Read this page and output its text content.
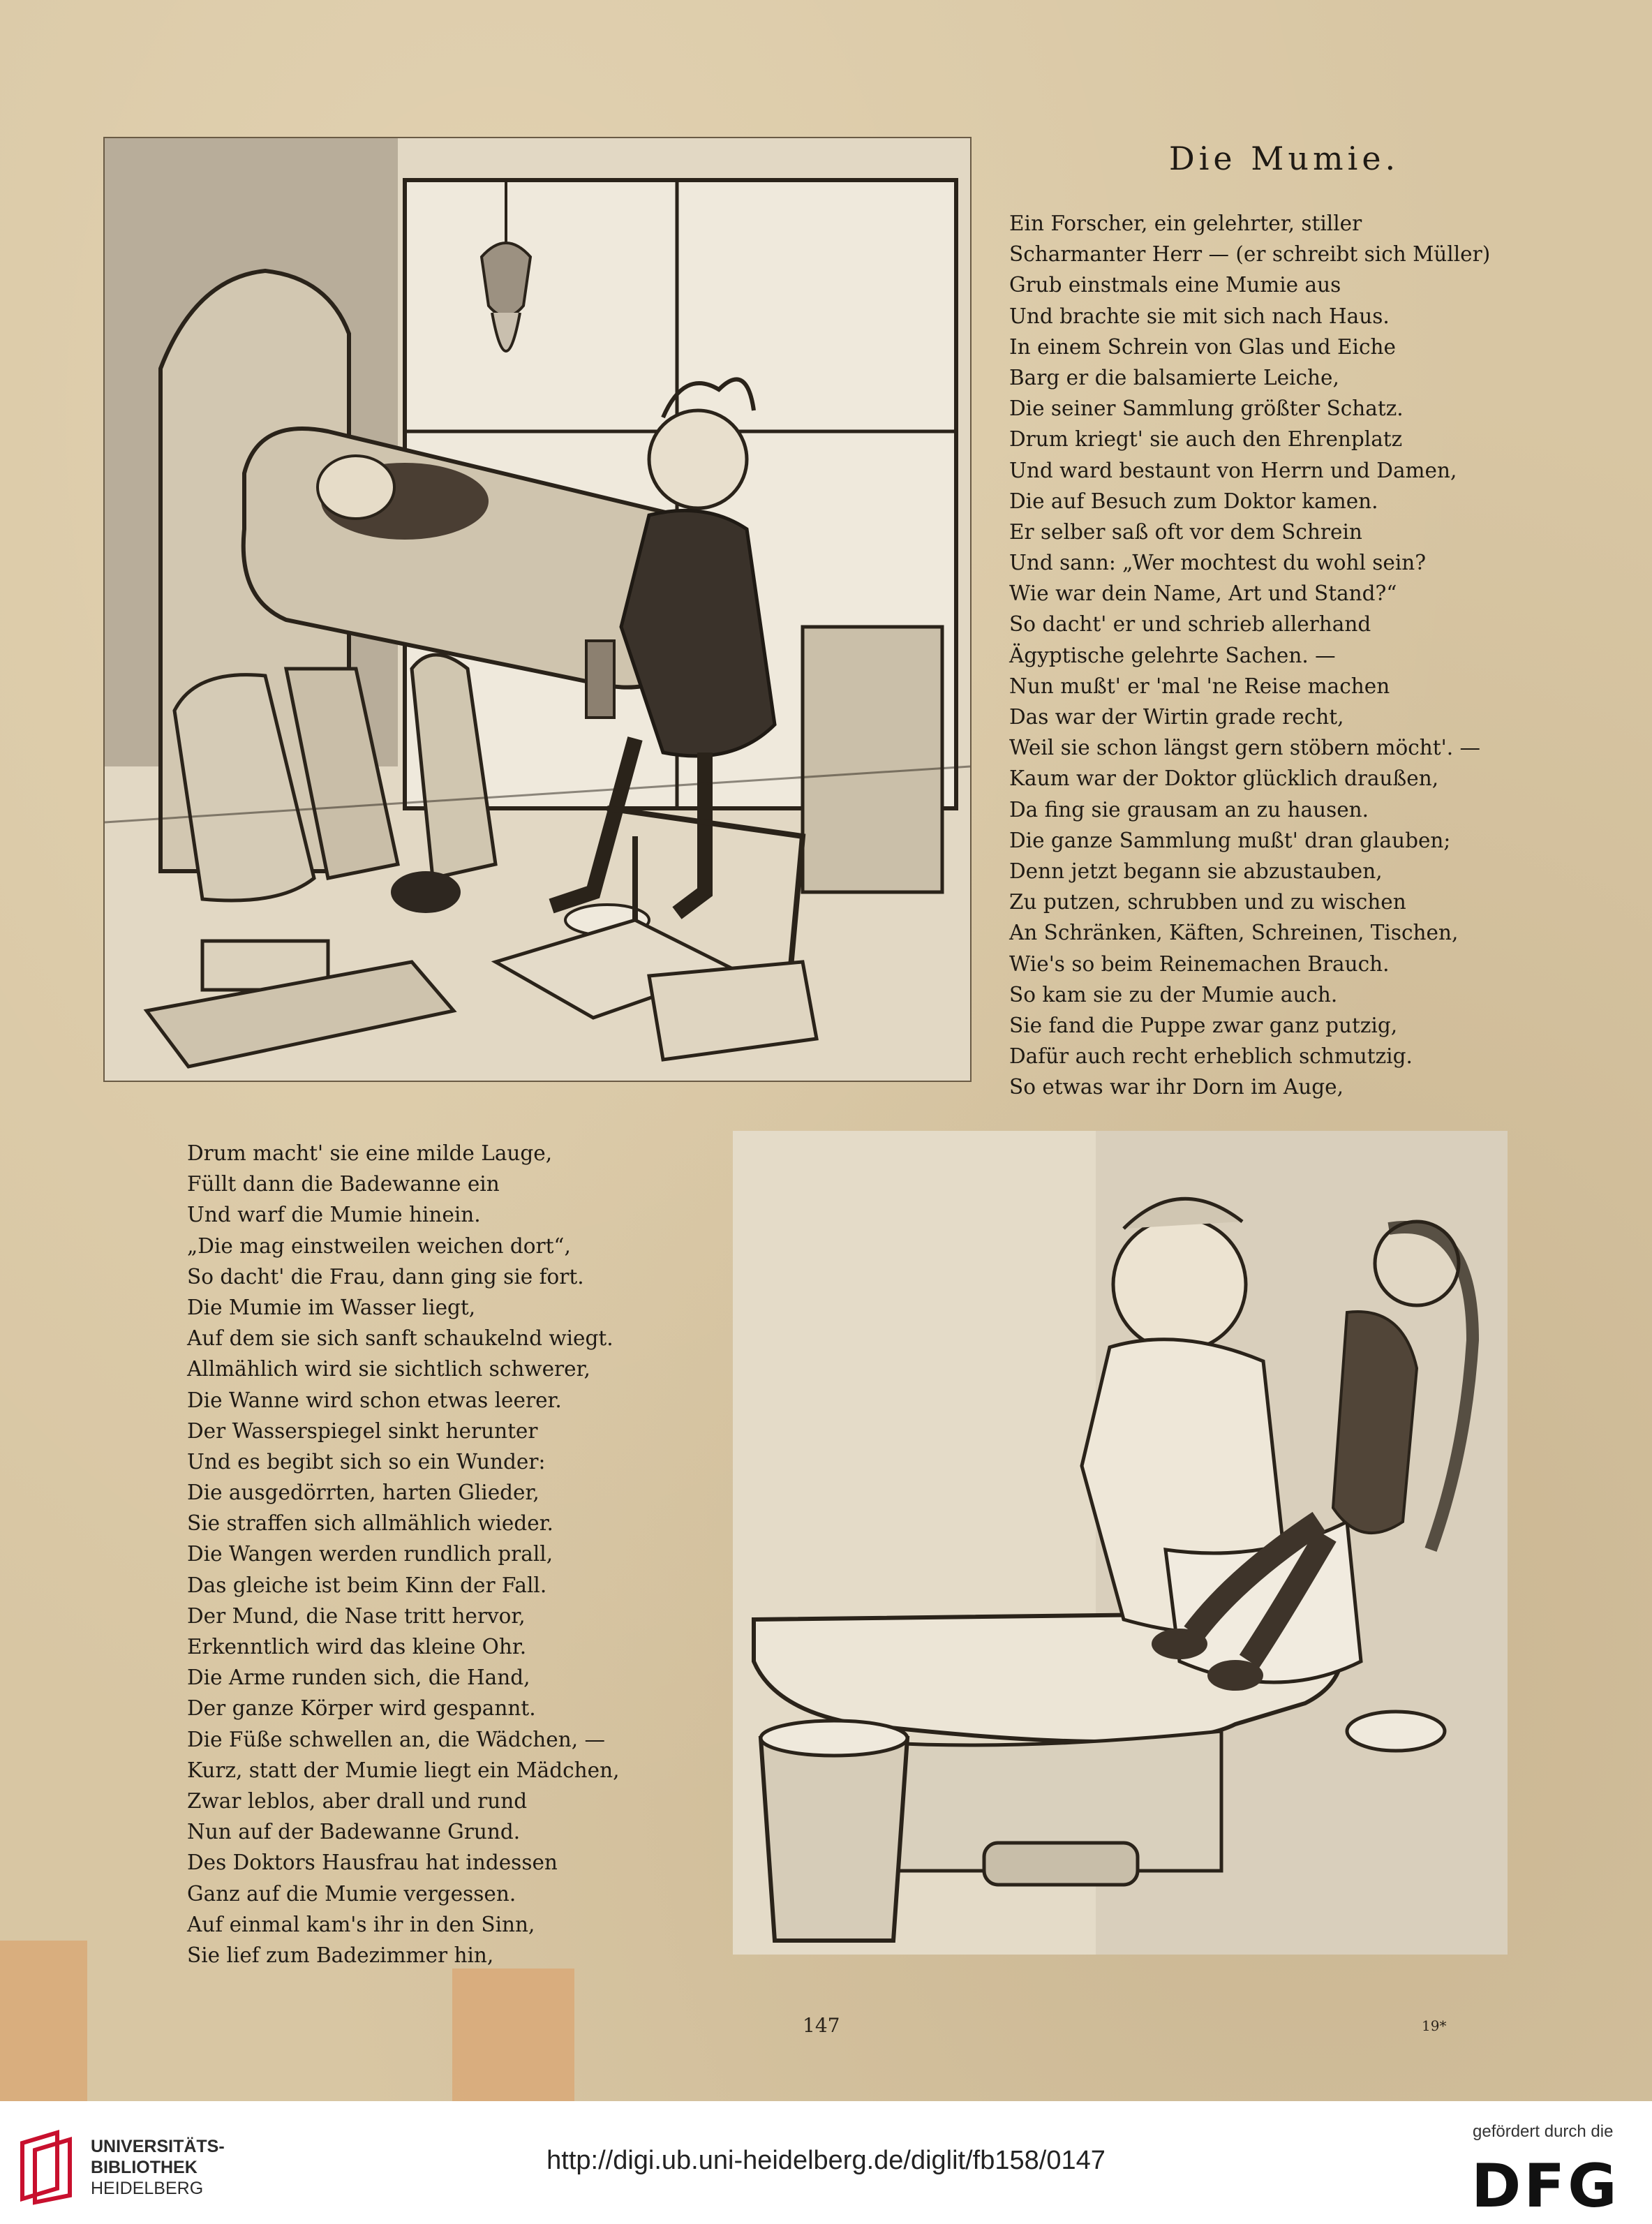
Die Mumie.
Ein Forscher, ein gelehrter, stiller
Scharmanter Herr — (er schreibt sich Müller)
Grub einstmals eine Mumie aus
Und brachte sie mit sich nach Haus.
In einem Schrein von Glas und Eiche
Barg er die balsamierte Leiche,
Die seiner Sammlung größter Schatz.
Drum kriegt' sie auch den Ehrenplatz
Und ward bestaunt von Herrn und Damen,
Die auf Besuch zum Doktor kamen.
Er selber saß oft vor dem Schrein
Und sann: „Wer mochtest du wohl sein?
Wie war dein Name, Art und Stand?“
So dacht' er und schrieb allerhand
Ägyptische gelehrte Sachen. —
Nun mußt' er 'mal 'ne Reise machen
Das war der Wirtin grade recht,
Weil sie schon längst gern stöbern möcht'. —
Kaum war der Doktor glücklich draußen,
Da fing sie grausam an zu hausen.
Die ganze Sammlung mußt' dran glauben;
Denn jetzt begann sie abzustauben,
Zu putzen, schrubben und zu wischen
An Schränken, Käften, Schreinen, Tischen,
Wie's so beim Reinemachen Brauch.
So kam sie zu der Mumie auch.
Sie fand die Puppe zwar ganz putzig,
Dafür auch recht erheblich schmutzig.
So etwas war ihr Dorn im Auge,
Drum macht' sie eine milde Lauge,
Füllt dann die Badewanne ein
Und warf die Mumie hinein.
„Die mag einstweilen weichen dort“,
So dacht' die Frau, dann ging sie fort.
Die Mumie im Wasser liegt,
Auf dem sie sich sanft schaukelnd wiegt.
Allmählich wird sie sichtlich schwerer,
Die Wanne wird schon etwas leerer.
Der Wasserspiegel sinkt herunter
Und es begibt sich so ein Wunder:
Die ausgedörrten, harten Glieder,
Sie straffen sich allmählich wieder.
Die Wangen werden rundlich prall,
Das gleiche ist beim Kinn der Fall.
Der Mund, die Nase tritt hervor,
Erkenntlich wird das kleine Ohr.
Die Arme runden sich, die Hand,
Der ganze Körper wird gespannt.
Die Füße schwellen an, die Wädchen, —
Kurz, statt der Mumie liegt ein Mädchen,
Zwar leblos, aber drall und rund
Nun auf der Badewanne Grund.
Des Doktors Hausfrau hat indessen
Ganz auf die Mumie vergessen.
Auf einmal kam's ihr in den Sinn,
Sie lief zum Badezimmer hin,
147	19*
UNIVERSITÄTS-
BIBLIOTHEK
HEIDELBERG
http://digi.ub.uni-heidelberg.de/diglit/fb158/0147
gefördert durch die
DFG
